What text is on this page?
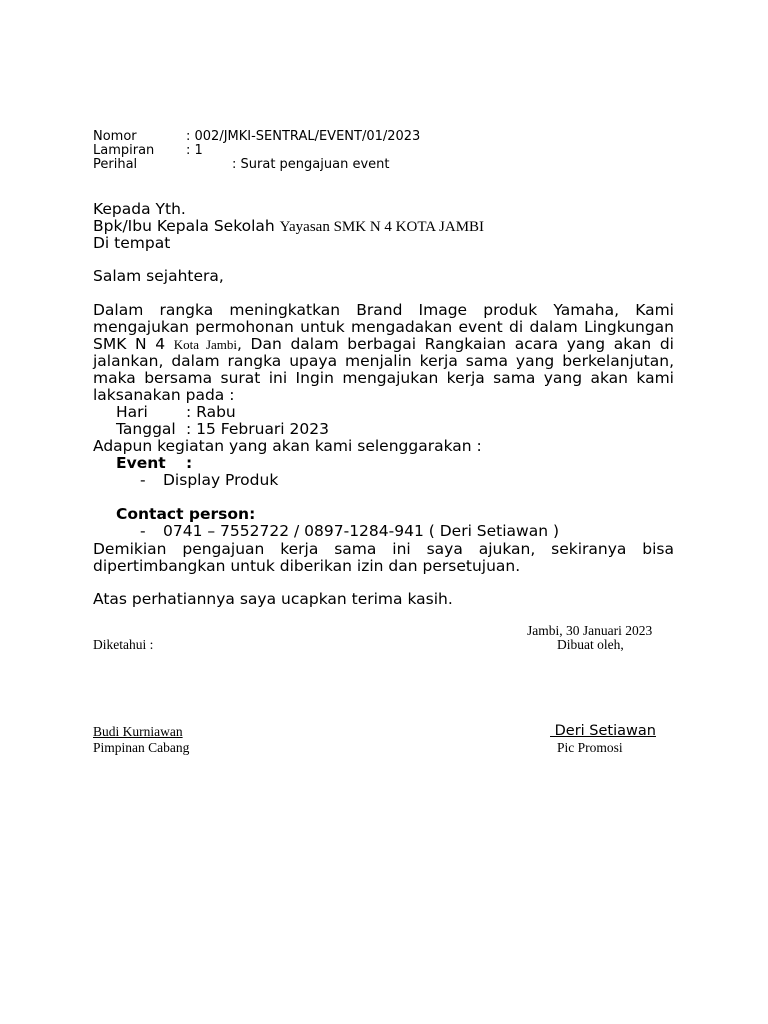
Nomor	: 002/JMKI-SENTRAL/EVENT/01/2023
Lampiran : 1
Perihal	: Surat pengajuan event
Kepada Yth.
Bpk/Ibu Kepala Sekolah Yayasan SMK N 4 KOTA JAMBI
Di tempat
Salam sejahtera,
Dalam rangka meningkatkan Brand Image produk Yamaha, Kami
mengajukan permohonan untuk mengadakan event di dalam Lingkungan
SMK N 4 Kota Jambi, Dan dalam berbagai Rangkaian acara yang akan di
jalankan, dalam rangka upaya menjalin kerja sama yang berkelanjutan,
maka bersama surat ini Ingin mengajukan kerja sama yang akan kami
laksanakan pada :
Hari : Rabu
Tanggal : 15 Februari 2023
Adapun kegiatan yang akan kami selenggarakan :
Event :
- Display Produk
Contact person:
- 0741 – 7552722 / 0897-1284-941 ( Deri Setiawan )
Demikian pengajuan kerja sama ini saya ajukan, sekiranya bisa
dipertimbangkan untuk diberikan izin dan persetujuan.
Atas perhatiannya saya ucapkan terima kasih.
Jambi, 30 Januari 2023
Diketahui :	Dibuat oleh,
Budi Kurniawan
Pimpinan Cabang
Deri Setiawan
Pic Promosi
